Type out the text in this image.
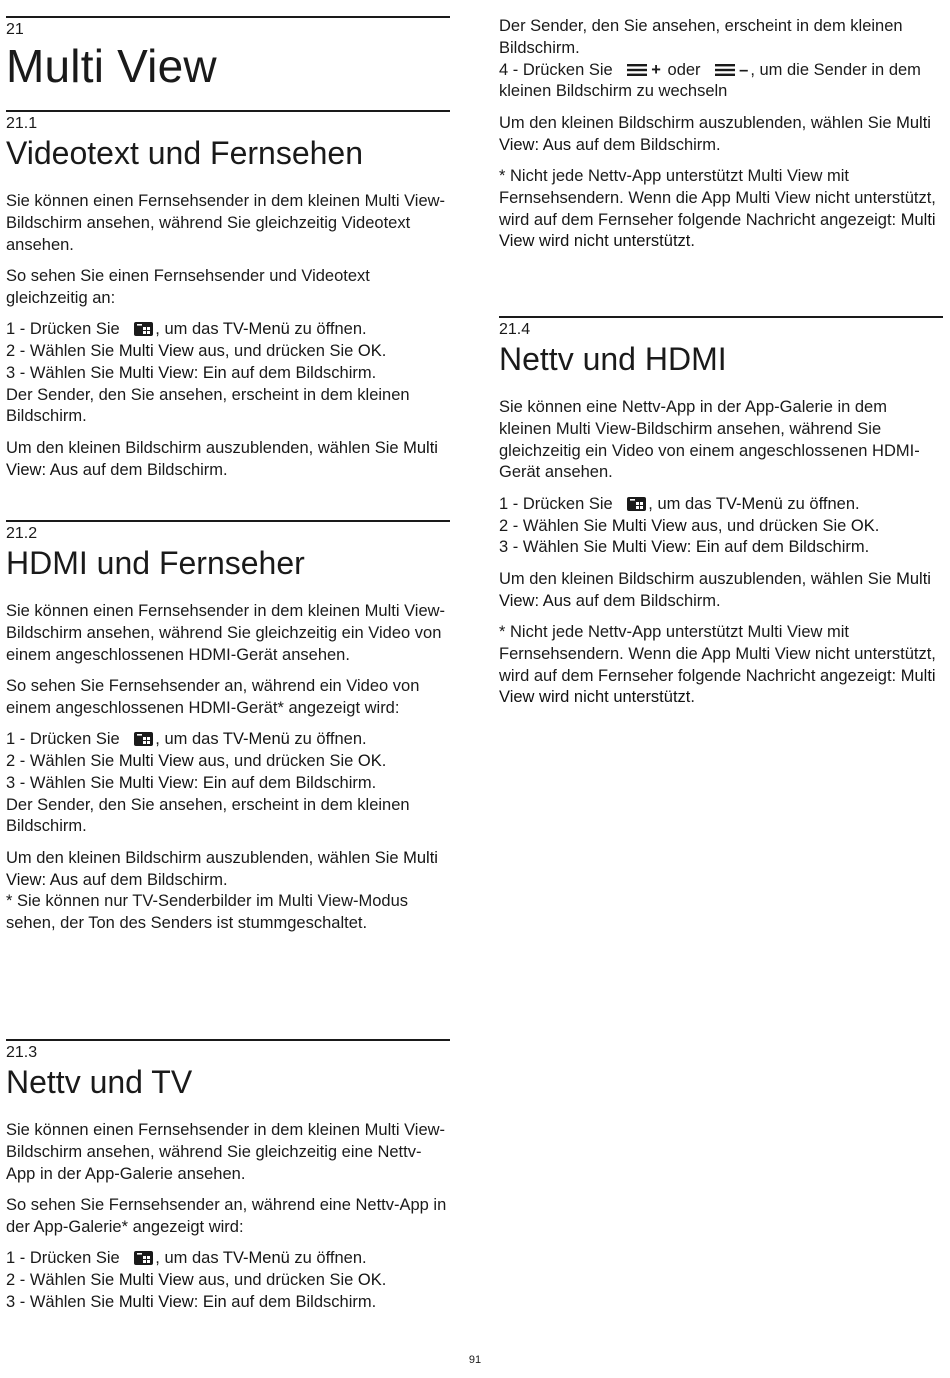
21
Multi View
21.1
Videotext und Fernsehen

Sie können einen Fernsehsender in dem kleinen Multi View-Bildschirm ansehen, während Sie gleichzeitig Videotext ansehen.

So sehen Sie einen Fernsehsender und Videotext gleichzeitig an:

1 - Drücken Sie
, um das TV-Menü zu öffnen.

2 - Wählen Sie Multi View aus, und drücken Sie OK.

3 - Wählen Sie Multi View: Ein auf dem Bildschirm.

Der Sender, den Sie ansehen, erscheint in dem kleinen Bildschirm.

Um den kleinen Bildschirm auszublenden, wählen Sie Multi View: Aus auf dem Bildschirm.

21.2
HDMI und Fernseher

Sie können einen Fernsehsender in dem kleinen Multi View-Bildschirm ansehen, während Sie gleichzeitig ein Video von einem angeschlossenen HDMI-Gerät ansehen.

So sehen Sie Fernsehsender an, während ein Video von einem angeschlossenen HDMI-Gerät* angezeigt wird:

1 - Drücken Sie
, um das TV-Menü zu öffnen.

2 - Wählen Sie Multi View aus, und drücken Sie OK.

3 - Wählen Sie Multi View: Ein auf dem Bildschirm.

Der Sender, den Sie ansehen, erscheint in dem kleinen Bildschirm.

Um den kleinen Bildschirm auszublenden, wählen Sie Multi View: Aus auf dem Bildschirm.

* Sie können nur TV-Senderbilder im Multi View-Modus sehen, der Ton des Senders ist stummgeschaltet.

21.3
Nettv und TV

Sie können einen Fernsehsender in dem kleinen Multi View-Bildschirm ansehen, während Sie gleichzeitig eine Nettv-App in der App-Galerie ansehen.

So sehen Sie Fernsehsender an, während eine Nettv-App in der App-Galerie* angezeigt wird:

1 - Drücken Sie
, um das TV-Menü zu öffnen.

2 - Wählen Sie Multi View aus, und drücken Sie OK.

3 - Wählen Sie Multi View: Ein auf dem Bildschirm.

Der Sender, den Sie ansehen, erscheint in dem kleinen Bildschirm.

4 - Drücken Sie + oder – , um die Sender in dem kleinen Bildschirm zu wechseln

Um den kleinen Bildschirm auszublenden, wählen Sie Multi View: Aus auf dem Bildschirm.

* Nicht jede Nettv-App unterstützt Multi View mit Fernsehsendern. Wenn die App Multi View nicht unterstützt, wird auf dem Fernseher folgende Nachricht angezeigt: Multi View wird nicht unterstützt.

21.4
Nettv und HDMI

Sie können eine Nettv-App in der App-Galerie in dem kleinen Multi View-Bildschirm ansehen, während Sie gleichzeitig ein Video von einem angeschlossenen HDMI-Gerät ansehen.

1 - Drücken Sie
, um das TV-Menü zu öffnen.

2 - Wählen Sie Multi View aus, und drücken Sie OK.

3 - Wählen Sie Multi View: Ein auf dem Bildschirm.

Um den kleinen Bildschirm auszublenden, wählen Sie Multi View: Aus auf dem Bildschirm.

* Nicht jede Nettv-App unterstützt Multi View mit Fernsehsendern. Wenn die App Multi View nicht unterstützt, wird auf dem Fernseher folgende Nachricht angezeigt: Multi View wird nicht unterstützt.

91
